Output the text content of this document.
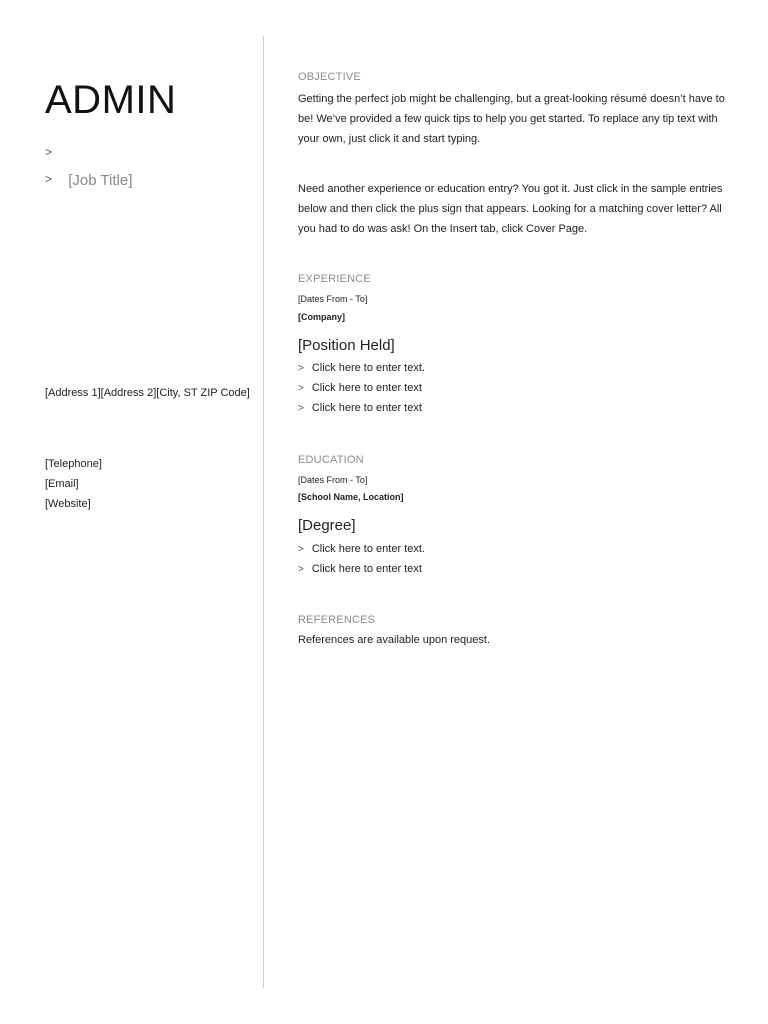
ADMIN
>
> [Job Title]
[Address 1][Address 2][City, ST ZIP Code]
[Telephone]
[Email]
[Website]
OBJECTIVE
Getting the perfect job might be challenging, but a great-looking résumé doesn’t have to be! We’ve provided a few quick tips to help you get started. To replace any tip text with your own, just click it and start typing.
Need another experience or education entry? You got it. Just click in the sample entries below and then click the plus sign that appears. Looking for a matching cover letter? All you had to do was ask! On the Insert tab, click Cover Page.
EXPERIENCE
[Dates From - To]
[Company]
[Position Held]
> Click here to enter text.
> Click here to enter text
> Click here to enter text
EDUCATION
[Dates From - To]
[School Name, Location]
[Degree]
> Click here to enter text.
> Click here to enter text
REFERENCES
References are available upon request.
